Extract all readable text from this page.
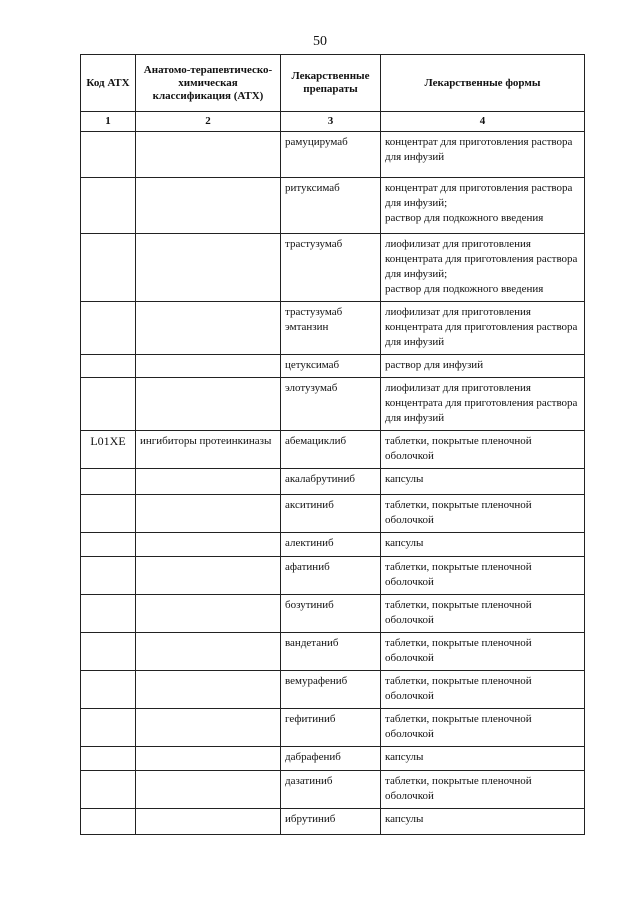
50
Код АТХ	Анатомо-терапевтическо-химическая классификация (АТХ)	Лекарственные препараты	Лекарственные формы
1	2	3	4
		рамуцирумаб	концентрат для приготовления раствора для инфузий
		ритуксимаб	концентрат для приготовления раствора для инфузий;
раствор для подкожного введения
		трастузумаб	лиофилизат для приготовления концентрата для приготовления раствора для инфузий;
раствор для подкожного введения
		трастузумаб эмтанзин	лиофилизат для приготовления концентрата для приготовления раствора для инфузий
		цетуксимаб	раствор для инфузий
		элотузумаб	лиофилизат для приготовления концентрата для приготовления раствора для инфузий
L01XE	ингибиторы протеинкиназы	абемациклиб	таблетки, покрытые пленочной оболочкой
		акалабрутиниб	капсулы
		акситиниб	таблетки, покрытые пленочной оболочкой
		алектиниб	капсулы
		афатиниб	таблетки, покрытые пленочной оболочкой
		бозутиниб	таблетки, покрытые пленочной оболочкой
		вандетаниб	таблетки, покрытые пленочной оболочкой
		вемурафениб	таблетки, покрытые пленочной оболочкой
		гефитиниб	таблетки, покрытые пленочной оболочкой
		дабрафениб	капсулы
		дазатиниб	таблетки, покрытые пленочной оболочкой
		ибрутиниб	капсулы
